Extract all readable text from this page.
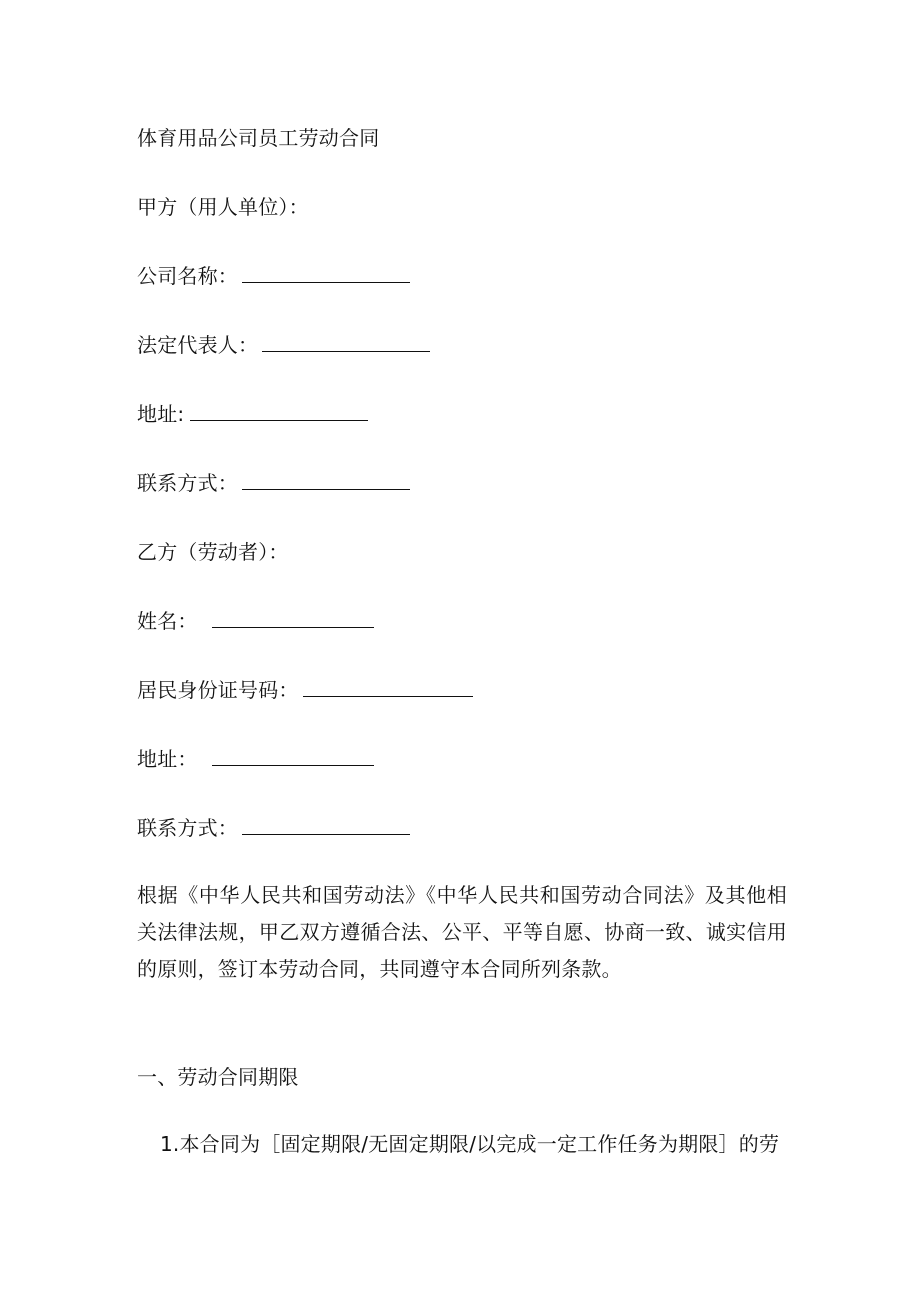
体育用品公司员工劳动合同
甲方（用人单位）：
公司名称：
法定代表人：
地址:
联系方式：
乙方（劳动者）：
姓名：
居民身份证号码：
地址：
联系方式：
根据《中华人民共和国劳动法》《中华人民共和国劳动合同法》及其他相关法律法规，甲乙双方遵循合法、公平、平等自愿、协商一致、诚实信用的原则，签订本劳动合同，共同遵守本合同所列条款。
一、劳动合同期限
1.本合同为［固定期限/无固定期限/以完成一定工作任务为期限］的劳
